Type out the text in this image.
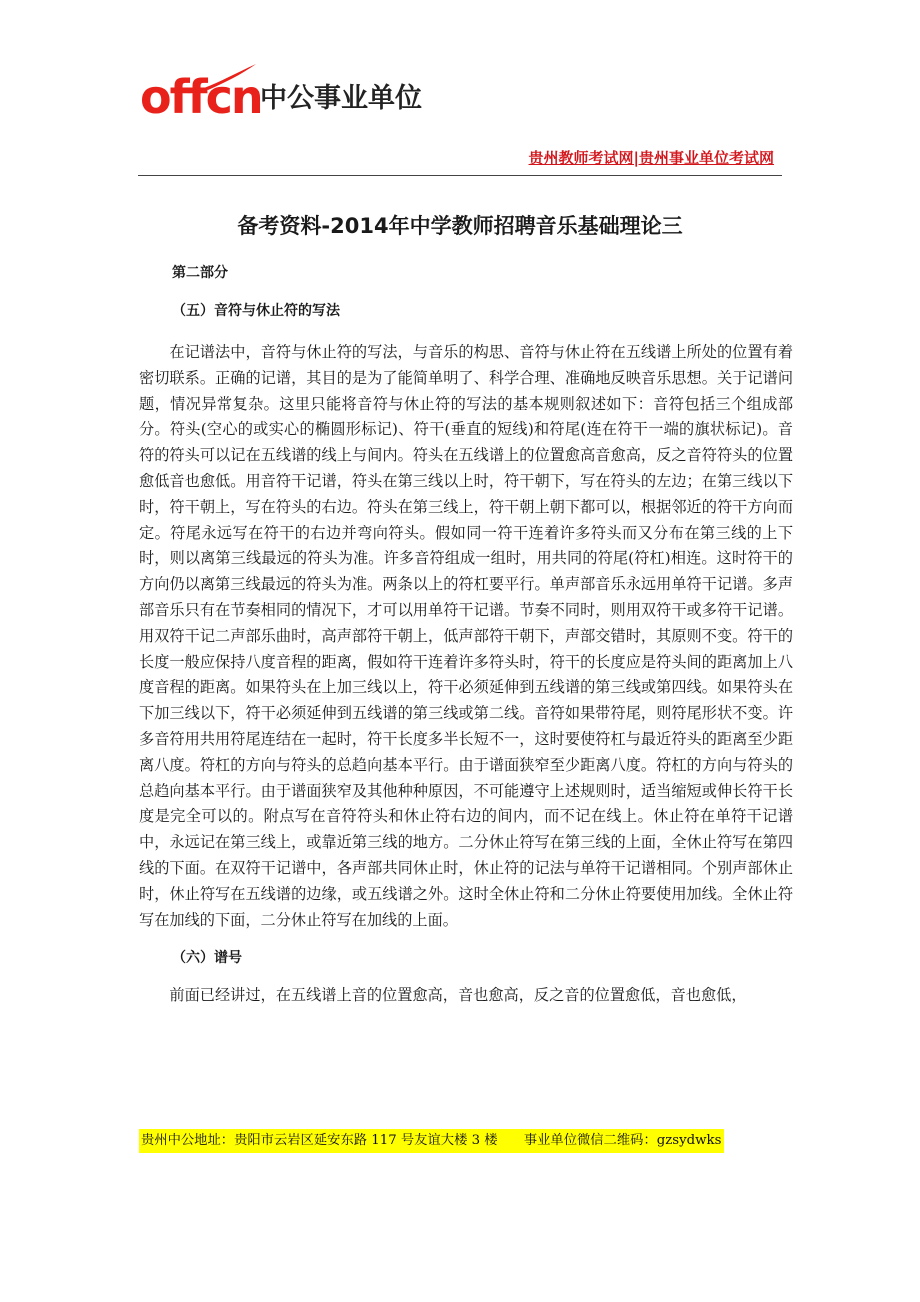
offcn
中公事业单位
贵州教师考试网|贵州事业单位考试网
备考资料-2014年中学教师招聘音乐基础理论三

第二部分

（五）音符与休止符的写法

在记谱法中，音符与休止符的写法，与音乐的构思、音符与休止符在五线谱上所处的位置有着密切联系。正确的记谱，其目的是为了能简单明了、科学合理、准确地反映音乐思想。关于记谱问题，情况异常复杂。这里只能将音符与休止符的写法的基本规则叙述如下：音符包括三个组成部分。符头(空心的或实心的椭圆形标记)、符干(垂直的短线)和符尾(连在符干一端的旗状标记)。音符的符头可以记在五线谱的线上与间内。符头在五线谱上的位置愈高音愈高，反之音符符头的位置愈低音也愈低。用音符干记谱，符头在第三线以上时，符干朝下，写在符头的左边；在第三线以下时，符干朝上，写在符头的右边。符头在第三线上，符干朝上朝下都可以，根据邻近的符干方向而定。符尾永远写在符干的右边并弯向符头。假如同一符干连着许多符头而又分布在第三线的上下时，则以离第三线最远的符头为准。许多音符组成一组时，用共同的符尾(符杠)相连。这时符干的方向仍以离第三线最远的符头为准。两条以上的符杠要平行。单声部音乐永远用单符干记谱。多声部音乐只有在节奏相同的情况下，才可以用单符干记谱。节奏不同时，则用双符干或多符干记谱。用双符干记二声部乐曲时，高声部符干朝上，低声部符干朝下，声部交错时，其原则不变。符干的长度一般应保持八度音程的距离，假如符干连着许多符头时，符干的长度应是符头间的距离加上八度音程的距离。如果符头在上加三线以上，符干必须延伸到五线谱的第三线或第四线。如果符头在下加三线以下，符干必须延伸到五线谱的第三线或第二线。音符如果带符尾，则符尾形状不变。许多音符用共用符尾连结在一起时，符干长度多半长短不一，这时要使符杠与最近符头的距离至少距离八度。符杠的方向与符头的总趋向基本平行。由于谱面狭窄至少距离八度。符杠的方向与符头的总趋向基本平行。由于谱面狭窄及其他种种原因，不可能遵守上述规则时，适当缩短或伸长符干长度是完全可以的。附点写在音符符头和休止符右边的间内，而不记在线上。休止符在单符干记谱中，永远记在第三线上，或靠近第三线的地方。二分休止符写在第三线的上面，全休止符写在第四线的下面。在双符干记谱中，各声部共同休止时，休止符的记法与单符干记谱相同。个别声部休止时，休止符写在五线谱的边缘，或五线谱之外。这时全休止符和二分休止符要使用加线。全休止符写在加线的下面，二分休止符写在加线的上面。

（六）谱号

前面已经讲过，在五线谱上音的位置愈高，音也愈高，反之音的位置愈低，音也愈低，

贵州中公地址：贵阳市云岩区延安东路 117 号友谊大楼 3 楼 事业单位微信二维码：gzsydwks
